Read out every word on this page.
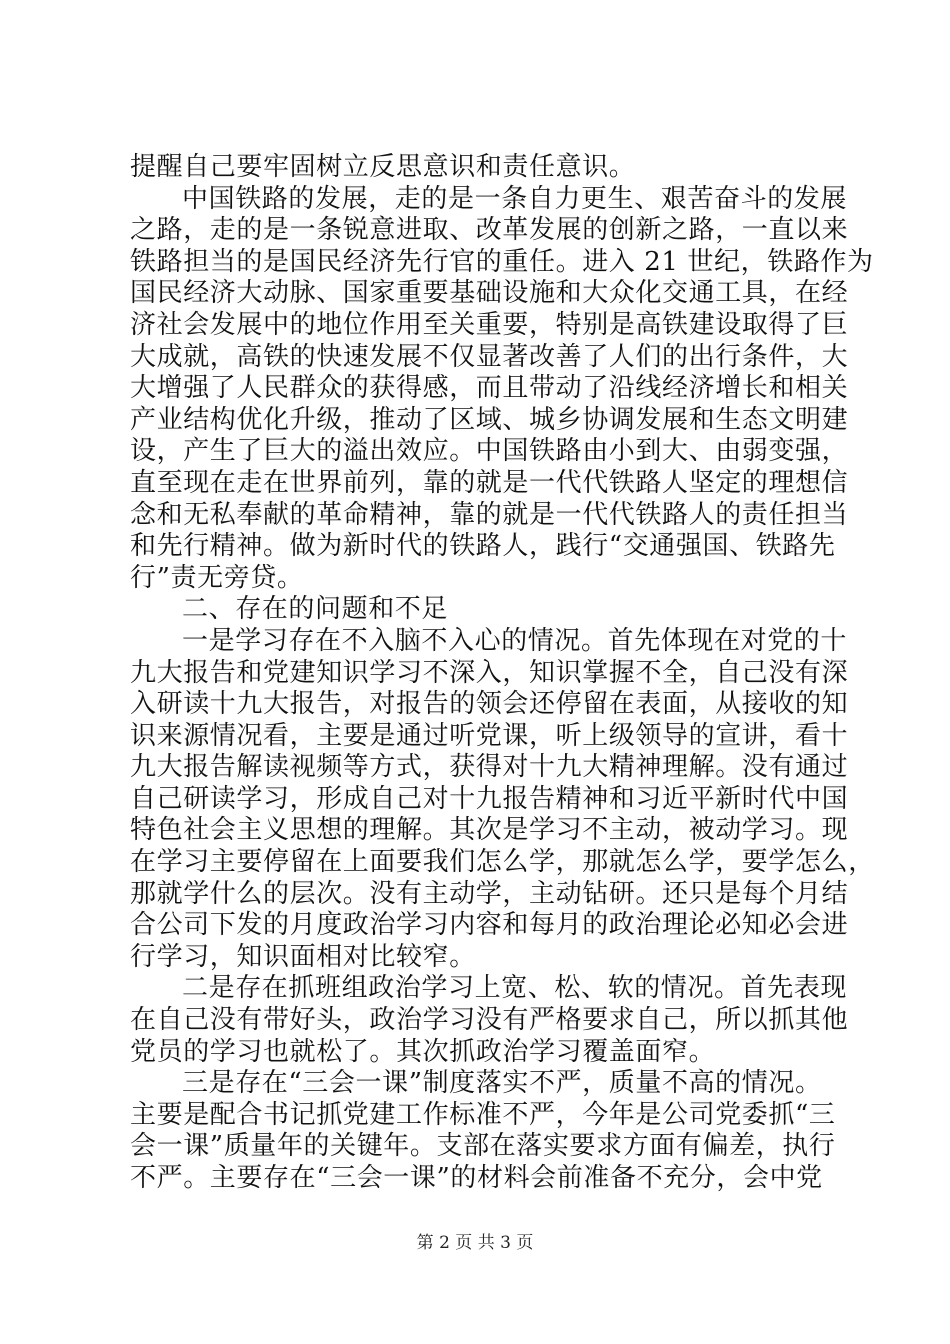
提醒自己要牢固树立反思意识和责任意识。
中国铁路的发展，走的是一条自力更生、艰苦奋斗的发展
之路，走的是一条锐意进取、改革发展的创新之路，一直以来
铁路担当的是国民经济先行官的重任。进入 21 世纪，铁路作为
国民经济大动脉、国家重要基础设施和大众化交通工具，在经
济社会发展中的地位作用至关重要，特别是高铁建设取得了巨
大成就，高铁的快速发展不仅显著改善了人们的出行条件，大
大增强了人民群众的获得感，而且带动了沿线经济增长和相关
产业结构优化升级，推动了区域、城乡协调发展和生态文明建
设，产生了巨大的溢出效应。中国铁路由小到大、由弱变强，
直至现在走在世界前列，靠的就是一代代铁路人坚定的理想信
念和无私奉献的革命精神，靠的就是一代代铁路人的责任担当
和先行精神。做为新时代的铁路人，践行“交通强国、铁路先
行”责无旁贷。
二、存在的问题和不足
一是学习存在不入脑不入心的情况。首先体现在对党的十
九大报告和党建知识学习不深入，知识掌握不全，自己没有深
入研读十九大报告，对报告的领会还停留在表面，从接收的知
识来源情况看，主要是通过听党课，听上级领导的宣讲，看十
九大报告解读视频等方式，获得对十九大精神理解。没有通过
自己研读学习，形成自己对十九报告精神和习近平新时代中国
特色社会主义思想的理解。其次是学习不主动，被动学习。现
在学习主要停留在上面要我们怎么学，那就怎么学，要学怎么，
那就学什么的层次。没有主动学，主动钻研。还只是每个月结
合公司下发的月度政治学习内容和每月的政治理论必知必会进
行学习，知识面相对比较窄。
二是存在抓班组政治学习上宽、松、软的情况。首先表现
在自己没有带好头，政治学习没有严格要求自己，所以抓其他
党员的学习也就松了。其次抓政治学习覆盖面窄。
三是存在“三会一课”制度落实不严，质量不高的情况。
主要是配合书记抓党建工作标准不严，今年是公司党委抓“三
会一课”质量年的关键年。支部在落实要求方面有偏差，执行
不严。主要存在“三会一课”的材料会前准备不充分，会中党
第 2 页 共 3 页
